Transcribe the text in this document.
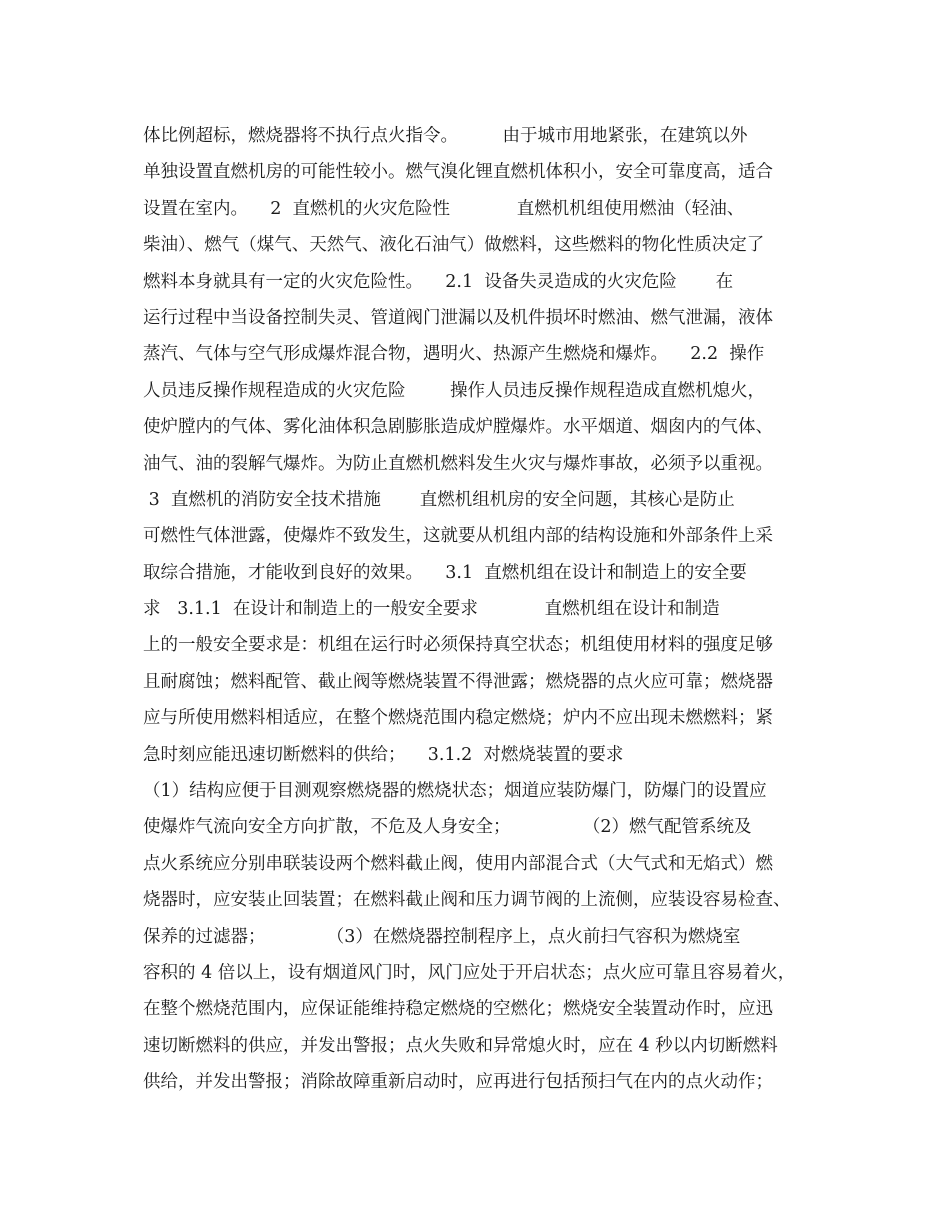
体比例超标，燃烧器将不执行点火指令。        由于城市用地紧张，在建筑以外
单独设置直燃机房的可能性较小。燃气溴化锂直燃机体积小，安全可靠度高，适合
设置在室内。    2  直燃机的火灾危险性            直燃机机组使用燃油（轻油、
柴油）、燃气（煤气、天然气、液化石油气）做燃料，这些燃料的物化性质决定了
燃料本身就具有一定的火灾危险性。    2.1  设备失灵造成的火灾危险       在
运行过程中当设备控制失灵、管道阀门泄漏以及机件损坏时燃油、燃气泄漏，液体
蒸汽、气体与空气形成爆炸混合物，遇明火、热源产生燃烧和爆炸。    2.2  操作
人员违反操作规程造成的火灾危险        操作人员违反操作规程造成直燃机熄火，
使炉膛内的气体、雾化油体积急剧膨胀造成炉膛爆炸。水平烟道、烟囱内的气体、
油气、油的裂解气爆炸。为防止直燃机燃料发生火灾与爆炸事故，必须予以重视。
3  直燃机的消防安全技术措施       直燃机组机房的安全问题，其核心是防止
可燃性气体泄露，使爆炸不致发生，这就要从机组内部的结构设施和外部条件上采
取综合措施，才能收到良好的效果。    3.1  直燃机组在设计和制造上的安全要
求   3.1.1  在设计和制造上的一般安全要求            直燃机组在设计和制造
上的一般安全要求是：机组在运行时必须保持真空状态；机组使用材料的强度足够
且耐腐蚀；燃料配管、截止阀等燃烧装置不得泄露；燃烧器的点火应可靠；燃烧器
应与所使用燃料相适应，在整个燃烧范围内稳定燃烧；炉内不应出现未燃燃料；紧
急时刻应能迅速切断燃料的供给；    3.1.2  对燃烧装置的要求
（1）结构应便于目测观察燃烧器的燃烧状态；烟道应装防爆门，防爆门的设置应
使爆炸气流向安全方向扩散，不危及人身安全；             （2）燃气配管系统及
点火系统应分别串联装设两个燃料截止阀，使用内部混合式（大气式和无焰式）燃
烧器时，应安装止回装置；在燃料截止阀和压力调节阀的上流侧，应装设容易检查、
保养的过滤器；           （3）在燃烧器控制程序上，点火前扫气容积为燃烧室
容积的 4 倍以上，设有烟道风门时，风门应处于开启状态；点火应可靠且容易着火，
在整个燃烧范围内，应保证能维持稳定燃烧的空燃化；燃烧安全装置动作时，应迅
速切断燃料的供应，并发出警报；点火失败和异常熄火时，应在 4 秒以内切断燃料
供给，并发出警报；消除故障重新启动时，应再进行包括预扫气在内的点火动作；
